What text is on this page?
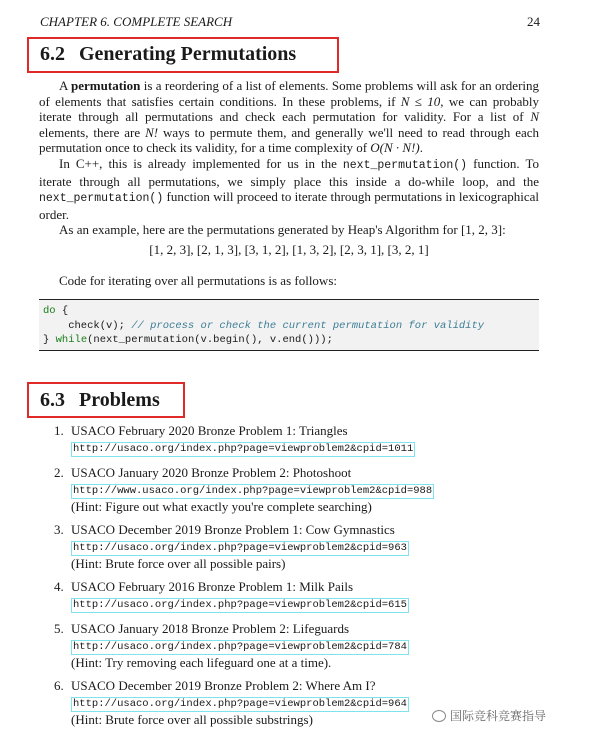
CHAPTER 6. COMPLETE SEARCH	24
6.2 Generating Permutations

A permutation is a reordering of a list of elements. Some problems will ask for an ordering of elements that satisfies certain conditions. In these problems, if N ≤ 10, we can probably iterate through all permutations and check each permutation for validity. For a list of N elements, there are N! ways to permute them, and generally we'll need to read through each permutation once to check its validity, for a time complexity of O(N · N!).

In C++, this is already implemented for us in the next_permutation() function. To iterate through all permutations, we simply place this inside a do-while loop, and the next_permutation() function will proceed to iterate through permutations in lexicographical order.

As an example, here are the permutations generated by Heap's Algorithm for [1, 2, 3]:

[1, 2, 3], [2, 1, 3], [3, 1, 2], [1, 3, 2], [2, 3, 1], [3, 2, 1]
Code for iterating over all permutations is as follows:
do {
check(v); // process or check the current permutation for validity
} while(next_permutation(v.begin(), v.end()));
6.3 Problems
1. USACO February 2020 Bronze Problem 1: Triangles
http://usaco.org/index.php?page=viewproblem2&cpid=1011
2. USACO January 2020 Bronze Problem 2: Photoshoot
http://www.usaco.org/index.php?page=viewproblem2&cpid=988
(Hint: Figure out what exactly you're complete searching)
3. USACO December 2019 Bronze Problem 1: Cow Gymnastics
http://usaco.org/index.php?page=viewproblem2&cpid=963
(Hint: Brute force over all possible pairs)
4. USACO February 2016 Bronze Problem 1: Milk Pails
http://usaco.org/index.php?page=viewproblem2&cpid=615
5. USACO January 2018 Bronze Problem 2: Lifeguards
http://usaco.org/index.php?page=viewproblem2&cpid=784
(Hint: Try removing each lifeguard one at a time).
6. USACO December 2019 Bronze Problem 2: Where Am I?
http://usaco.org/index.php?page=viewproblem2&cpid=964
(Hint: Brute force over all possible substrings)	国际竞科竞赛指导
